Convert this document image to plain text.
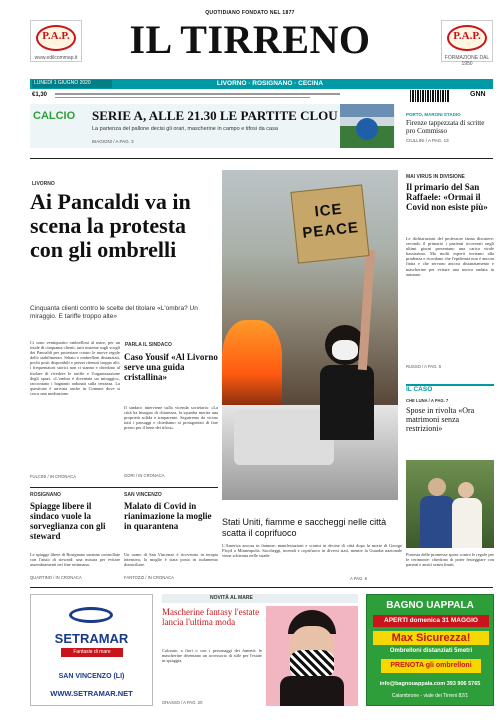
P.A.P.
www.edilcommap.it
P.A.P.
FORMAZIONE DAL 1950
QUOTIDIANO FONDATO NEL 1877
IL TIRRENO
LUNEDÌ 1 GIUGNO 2020	LIVORNO · ROSIGNANO · CECINA
€1,30	GNN
CALCIO SERIE A, ALLE 21.30 LE PARTITE CLOU
La partenza del pallone decisi gli orari, mascherine in campo e tifosi da casa
BIAGIONI / A PAG. 3
PORTO, MARONI STADIO
Firenze tappezzata di scritte pro Commisso
CIULLINI / A PAG. 13
LIVORNO
Ai Pancaldi va in scena la protesta con gli ombrelli
Cinquanta clienti contro le scelte del titolare «L'ombra? Un miraggio. E tariffe troppo alte»
Ci sono ventiquattro ombrelloni al mare, per un totale di cinquanta clienti, tutti insieme sugli scogli dei Pancaldi per protestare contro le nuove regole dello stabilimento. Sdraio e ombrelloni distanziati, pochi posti disponibili e prezzi ritenuti troppo alti: i frequentatori storici non ci stanno e chiedono al titolare di rivedere le tariffe e l'organizzazione degli spazi. «L'ombra è diventata un miraggio», raccontano i bagnanti radunati sulla terrazza. La questione è arrivata anche in Comune dove si cerca una mediazione.
FULCINI / IN CRONACA
PARLA IL SINDACO
Caso Yousif «Al Livorno serve una guida cristallina»
Il sindaco interviene sulla vicenda societaria: «La città ha bisogno di chiarezza, la squadra merita una proprietà solida e trasparente. Seguiremo da vicino tutti i passaggi e chiediamo ai protagonisti di fare presto per il bene dei tifosi».
GORI / IN CRONACA
ICE PEACE
Stati Uniti, fiamme e saccheggi nelle città scatta il coprifuoco
L'America ancora in fiamme: manifestazioni e scontri in decine di città dopo la morte di George Floyd a Minneapolis. Saccheggi, incendi e coprifuoco in diversi stati, mentre la Guardia nazionale viene schierata nelle strade.
A PAG. 8
MAI VIRUS IN DIVISIONE
Il primario del San Raffaele: «Ormai il Covid non esiste più»
Le dichiarazioni del professore fanno discutere: secondo il primario i pazienti ricoverati negli ultimi giorni presentano una carica virale bassissima. Ma molti esperti invitano alla prudenza e ricordano che l'epidemia non è ancora finita e che servono ancora distanziamento e mascherine per evitare una nuova ondata in autunno.
RUSSO / A PAG. 5
IL CASO
CHE LUNA / A PAG. 7
Spose in rivolta «Ora matrimoni senza restrizioni»
Protesta delle promesse spose contro le regole per le cerimonie: chiedono di poter festeggiare con parenti e amici senza limiti.
ROSIGNANO
Spiagge libere il sindaco vuole la sorveglianza con gli steward
Le spiagge libere di Rosignano saranno controllate con l'aiuto di steward: una misura per evitare assembramenti nei fine settimana.
QUARTINO / IN CRONACA
SAN VINCENZO
Malato di Covid in rianimazione la moglie in quarantena
Un uomo di San Vincenzo è ricoverato in terapia intensiva, la moglie è stata posta in isolamento domiciliare.
FANTOZZI / IN CRONACA
SETRAMAR
Fantasie di mare
SAN VINCENZO (LI)
WWW.SETRAMAR.NET
NOVITÀ AL MARE
Mascherine fantasy l'estate lancia l'ultima moda
Colorate, a fiori o con i personaggi dei fumetti: le mascherine diventano un accessorio di stile per l'estate in spiaggia.
GRASSO / A PAG. 20
BAGNO UAPPALA
APERTI domenica 31 MAGGIO
Max Sicurezza!
Ombrelloni distanziati 5metri
PRENOTA gli ombrelloni
info@bagnouappala.com 393 906 5765
Calambrone - viale dei Tirreni 82/1
